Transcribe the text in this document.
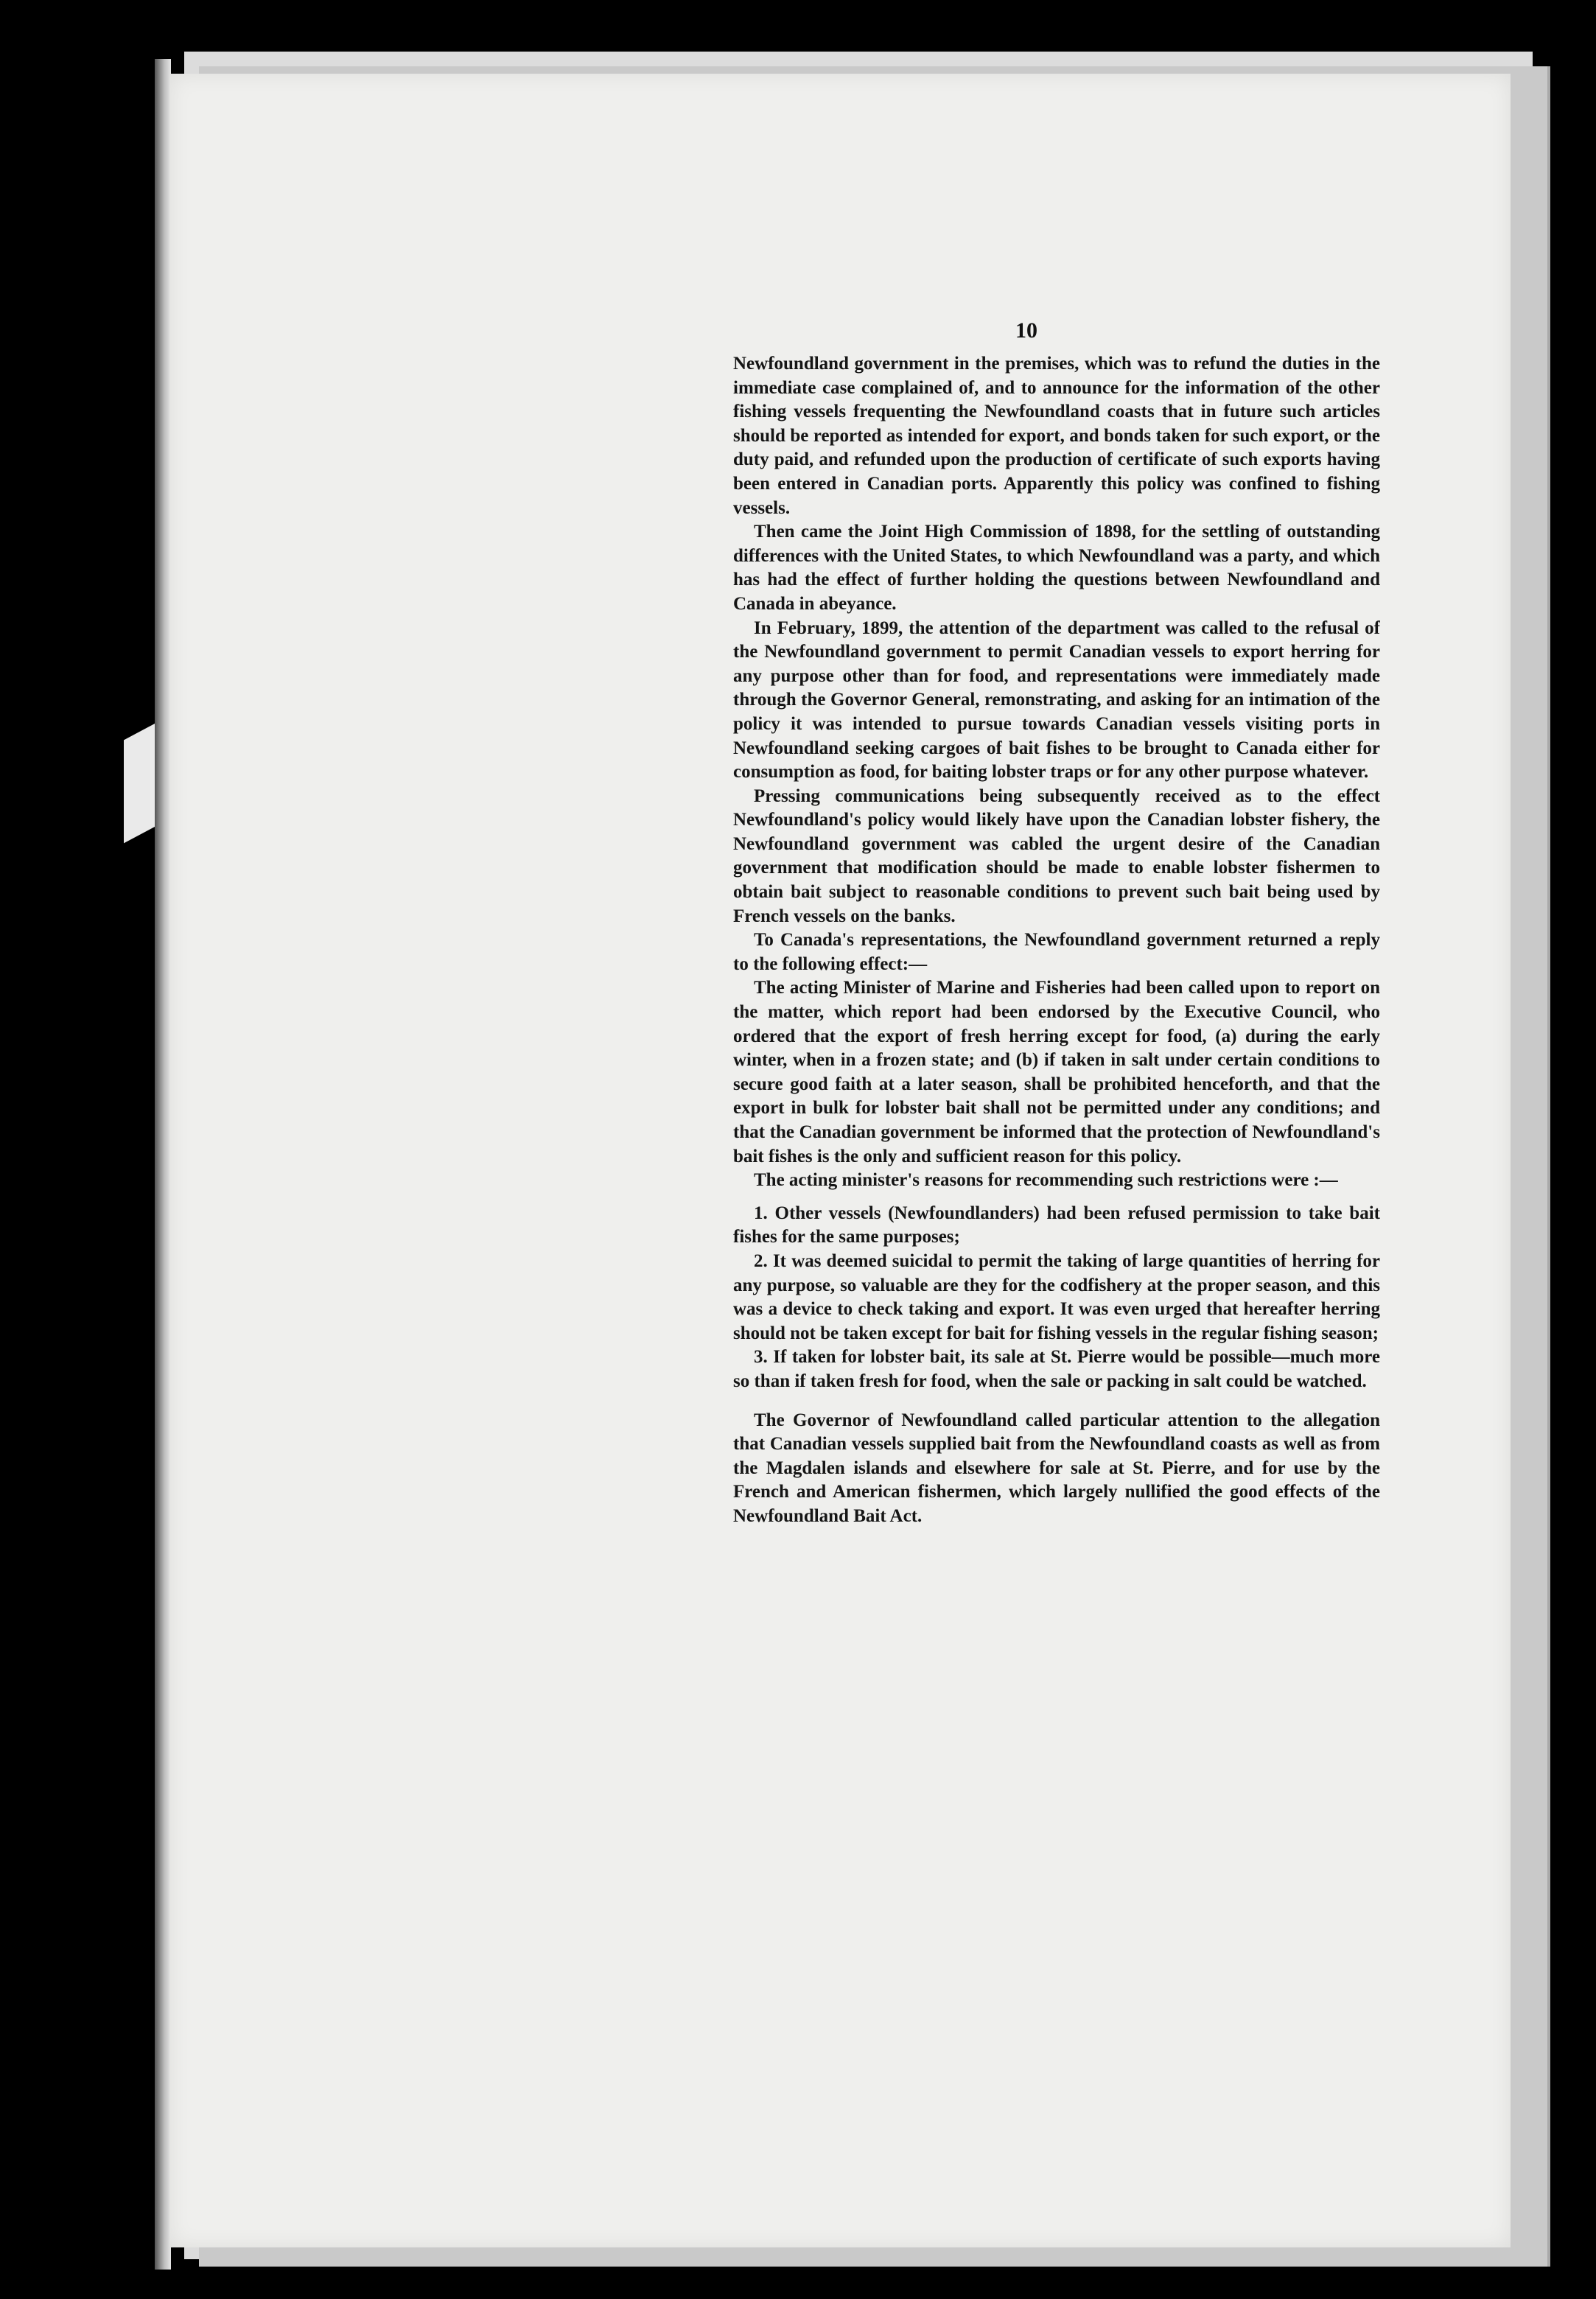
10

Newfoundland government in the premises, which was to refund the duties in the immediate case complained of, and to announce for the information of the other fishing vessels frequenting the Newfoundland coasts that in future such articles should be reported as intended for export, and bonds taken for such export, or the duty paid, and refunded upon the production of certificate of such exports having been entered in Canadian ports. Apparently this policy was confined to fishing vessels.

Then came the Joint High Commission of 1898, for the settling of outstanding differences with the United States, to which Newfoundland was a party, and which has had the effect of further holding the questions between Newfoundland and Canada in abeyance.

In February, 1899, the attention of the department was called to the refusal of the Newfoundland government to permit Canadian vessels to export herring for any purpose other than for food, and representations were immediately made through the Governor General, remonstrating, and asking for an intimation of the policy it was intended to pursue towards Canadian vessels visiting ports in Newfoundland seeking cargoes of bait fishes to be brought to Canada either for consumption as food, for baiting lobster traps or for any other purpose whatever.

Pressing communications being subsequently received as to the effect Newfoundland's policy would likely have upon the Canadian lobster fishery, the Newfoundland government was cabled the urgent desire of the Canadian government that modification should be made to enable lobster fishermen to obtain bait subject to reasonable conditions to prevent such bait being used by French vessels on the banks.

To Canada's representations, the Newfoundland government returned a reply to the following effect:—

The acting Minister of Marine and Fisheries had been called upon to report on the matter, which report had been endorsed by the Executive Council, who ordered that the export of fresh herring except for food, (a) during the early winter, when in a frozen state; and (b) if taken in salt under certain conditions to secure good faith at a later season, shall be prohibited henceforth, and that the export in bulk for lobster bait shall not be permitted under any conditions; and that the Canadian government be informed that the protection of Newfoundland's bait fishes is the only and sufficient reason for this policy.

The acting minister's reasons for recommending such restrictions were :—

1. Other vessels (Newfoundlanders) had been refused permission to take bait fishes for the same purposes;

2. It was deemed suicidal to permit the taking of large quantities of herring for any purpose, so valuable are they for the codfishery at the proper season, and this was a device to check taking and export. It was even urged that hereafter herring should not be taken except for bait for fishing vessels in the regular fishing season;

3. If taken for lobster bait, its sale at St. Pierre would be possible—much more so than if taken fresh for food, when the sale or packing in salt could be watched.

The Governor of Newfoundland called particular attention to the allegation that Canadian vessels supplied bait from the Newfoundland coasts as well as from the Magdalen islands and elsewhere for sale at St. Pierre, and for use by the French and American fishermen, which largely nullified the good effects of the Newfoundland Bait Act.
